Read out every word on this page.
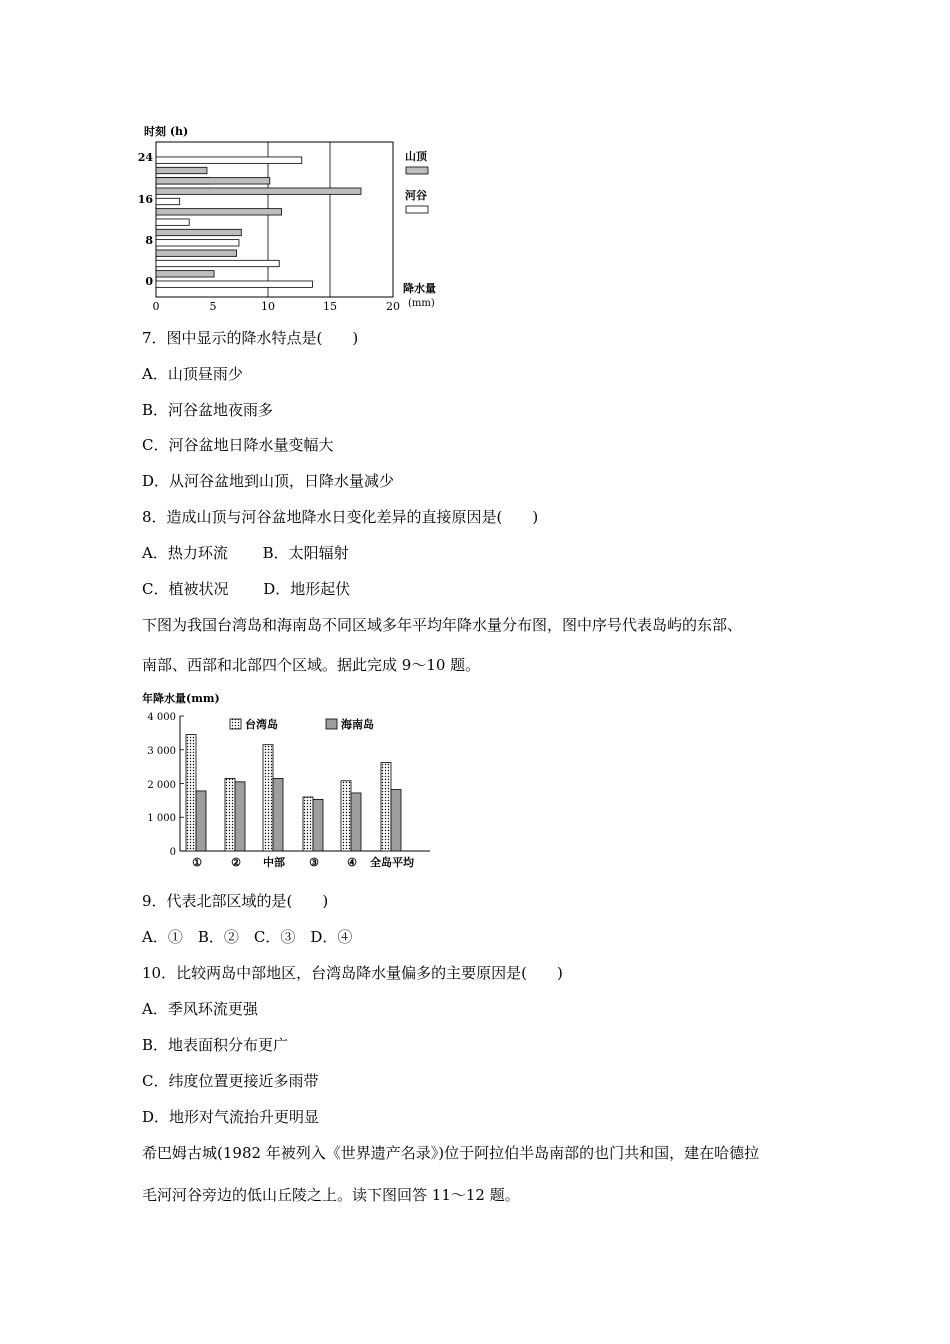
时刻 (h)
24
16
8
0
0	5	10	15	20
山顶
河谷
降水量
(mm)
7．图中显示的降水特点是(　　)
A．山顶昼雨少
B．河谷盆地夜雨多
C．河谷盆地日降水量变幅大
D．从河谷盆地到山顶，日降水量减少
8．造成山顶与河谷盆地降水日变化差异的直接原因是(　　)
A．热力环流　　 B．太阳辐射
C．植被状况　　 D．地形起伏
下图为我国台湾岛和海南岛不同区域多年平均年降水量分布图，图中序号代表岛屿的东部、
南部、西部和北部四个区域。据此完成 9～10 题。
年降水量(mm)
4 000
3 000
2 000
1 000
0
台湾岛	海南岛
①	② 中部 ③	④ 全岛平均
9．代表北部区域的是(　　)
A．①　B．②　C．③　D．④
10．比较两岛中部地区，台湾岛降水量偏多的主要原因是(　　)
A．季风环流更强
B．地表面积分布更广
C．纬度位置更接近多雨带
D．地形对气流抬升更明显
希巴姆古城(1982 年被列入《世界遗产名录》)位于阿拉伯半岛南部的也门共和国，建在哈德拉
毛河河谷旁边的低山丘陵之上。读下图回答 11～12 题。
